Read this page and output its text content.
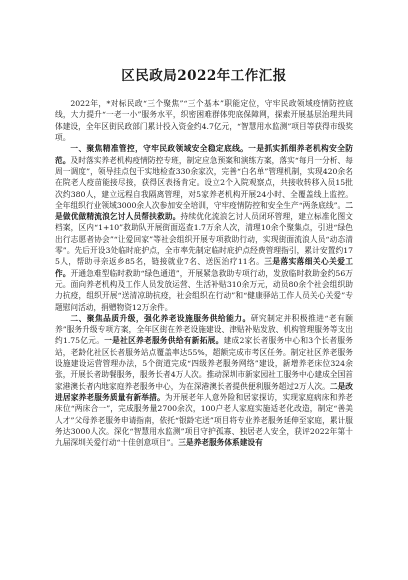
区民政局2022年工作汇报

2022年，*对标民政“三个聚焦”“三个基本”职能定位，守牢民政领域疫情防控底线，大力提升“一老一小”服务水平，织密困难群体兜底保障网，探索开展基层治理共同体建设，全年区街民政部门累计投入资金约4.7亿元，“智慧用水监测”项目等获得市级奖项。

一、聚焦精准管控，守牢民政领域安全稳定底线。一是抓实抓细养老机构安全防范。及时落实养老机构疫情防控专班，制定应急预案和演练方案，落实“每月一分析、每周一调度”，领导挂点包干实地检查330余家次，完善“白名单”管理机制，实现420余名在院老人疫苗能接尽接，获得区表扬肯定。设立2个入院观察点，共接收转移入员15批次约380人，建立远程自我隔离管理，对5家养老机构开展24小时、全覆盖线上监控。全年组织行业领域3000余人次参加安全培训，守牢疫情防控和安全生产“两条底线”。二是做优做精流浪乞讨人员帮扶救助。持续优化流浪乞讨人员闭环管理，建立标准化图文档案，区内“1+10”救助队开展街面巡查1.7万余人次，清理10余个聚集点，引进“绿色出行志愿者协会”“让爱回家”等社会组织开展专项救助行动，实现街面流浪人员“动态清零”。先后开设3处临时庇护点，全市率先制定临时庇护点经费管理指引，累计安置约175人，帮助寻亲返乡85名，链接就业7名、送医治疗11名。三是落实落细关心关爱工作。开通急难型临时救助“绿色通道”，开展紧急救助专项行动，发放临时救助金约56万元。面向养老机构及工作人员发放运营、生活补贴310余万元，动员80余个社会组织助力抗疫，组织开展“送清凉助抗疫，社会组织在行动”和“健康驿站工作人员关心关爱”专题慰问活动，捐赠物资12万余件。

二、聚焦品质升级，强化养老设施服务供给能力。研究制定并积极推进“老有颐养”服务升级专项方案，全年区街在养老设施建设、津贴补贴发放、机构管理服务等支出约1.75亿元。一是社区养老服务供给有新拓展。建成2家长者服务中心和3个长者服务站，老龄化社区长者服务站点覆盖率达55%，超额完成市考区任务。制定社区养老服务设施建设运营管理办法，5个街道完成“四级养老服务网络”建设，新增养老床位324余张，开展长者助餐服务，服务长者4万人次。推动深圳市新家园社工服务中心建成全国首家港澳长者内地家庭养老服务中心，为在深港澳长者提供便利服务超过2万人次。二是改进居家养老服务质量有新举措。为开展老年人意外险和居家探访，实现家庭病床和养老床位“两床合一”，完成服务量2700余次，100户老人家庭实施适老化改造，制定“善美人才”父母养老服务申请指南，依托“银龄宅送”项目将专业养老服务延伸至家庭，累计服务达3000人次。深化“智慧用水监测”项目守护孤寡、独居老人安全，获评2022年第十九届深圳关爱行动“十佳创意项目”。三是养老服务体系建设有
